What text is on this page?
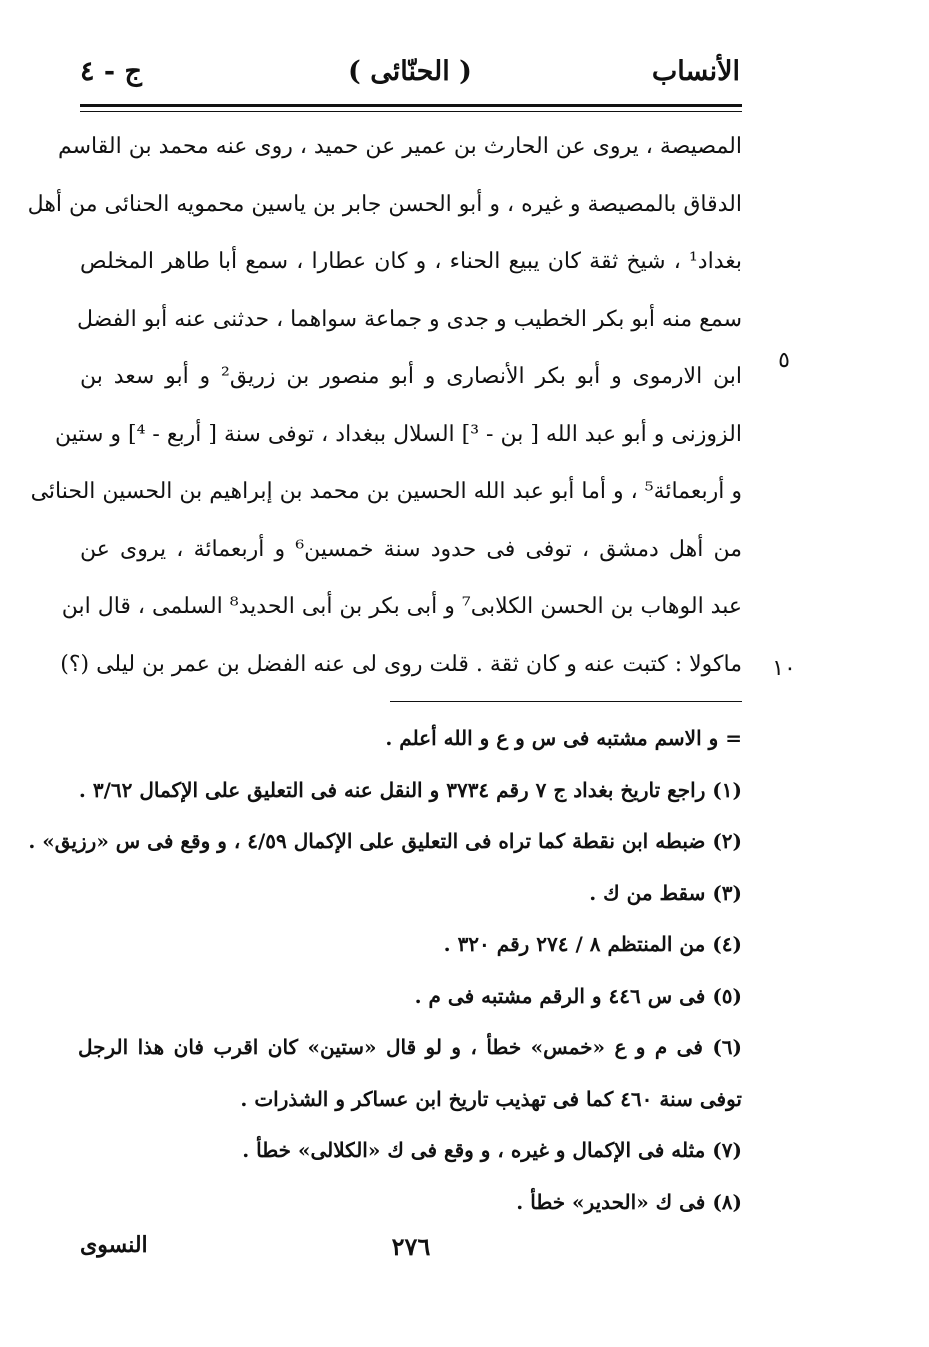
الأنساب
( الحنّائى )
ج - ٤
المصيصة ، يروى عن الحارث بن عمير عن حميد ، روى عنه محمد بن القاسم
الدقاق بالمصيصة و غيره ، و أبو الحسن جابر بن ياسين محمويه الحنائى من أهل
بغداد¹ ، شيخ ثقة كان يبيع الحناء ، و كان عطارا ، سمع أبا طاهر المخلص
سمع منه أبو بكر الخطيب و جدى و جماعة سواهما ، حدثنى عنه أبو الفضل
ابن الارموى و أبو بكر الأنصارى و أبو منصور بن زريق² و أبو سعد بن
الزوزنى و أبو عبد الله [ بن - ³] السلال ببغداد ، توفى سنة [ أربع - ⁴] و ستين
و أربعمائة⁵ ، و أما أبو عبد الله الحسين بن محمد بن إبراهيم بن الحسين الحنائى
من أهل دمشق ، توفى فى حدود سنة خمسين⁶ و أربعمائة ، يروى عن
عبد الوهاب بن الحسن الكلابى⁷ و أبى بكر بن أبى الحديد⁸ السلمى ، قال ابن
ماكولا : كتبت عنه و كان ثقة . قلت روى لى عنه الفضل بن عمر بن ليلى (؟)
٥
١٠
= و الاسم مشتبه فى س و ع و الله أعلم .
(١) راجع تاريخ بغداد ج ٧ رقم ٣٧٣٤ و النقل عنه فى التعليق على الإكمال ٣/٦٢ .
(٢) ضبطه ابن نقطة كما تراه فى التعليق على الإكمال ٤/٥٩ ، و وقع فى س «رزيق» .
(٣) سقط من ك .
(٤) من المنتظم ٨ / ٢٧٤ رقم ٣٢٠ .
(٥) فى س ٤٤٦ و الرقم مشتبه فى م .
(٦) فى م و ع «خمس» خطأ ، و لو قال «ستين» كان اقرب فان هذا الرجل
توفى سنة ٤٦٠ كما فى تهذيب تاريخ ابن عساكر و الشذرات .
(٧) مثله فى الإكمال و غيره ، و وقع فى ك «الكلالى» خطأ .
(٨) فى ك «الحدير» خطأ .
٢٧٦
النسوى
